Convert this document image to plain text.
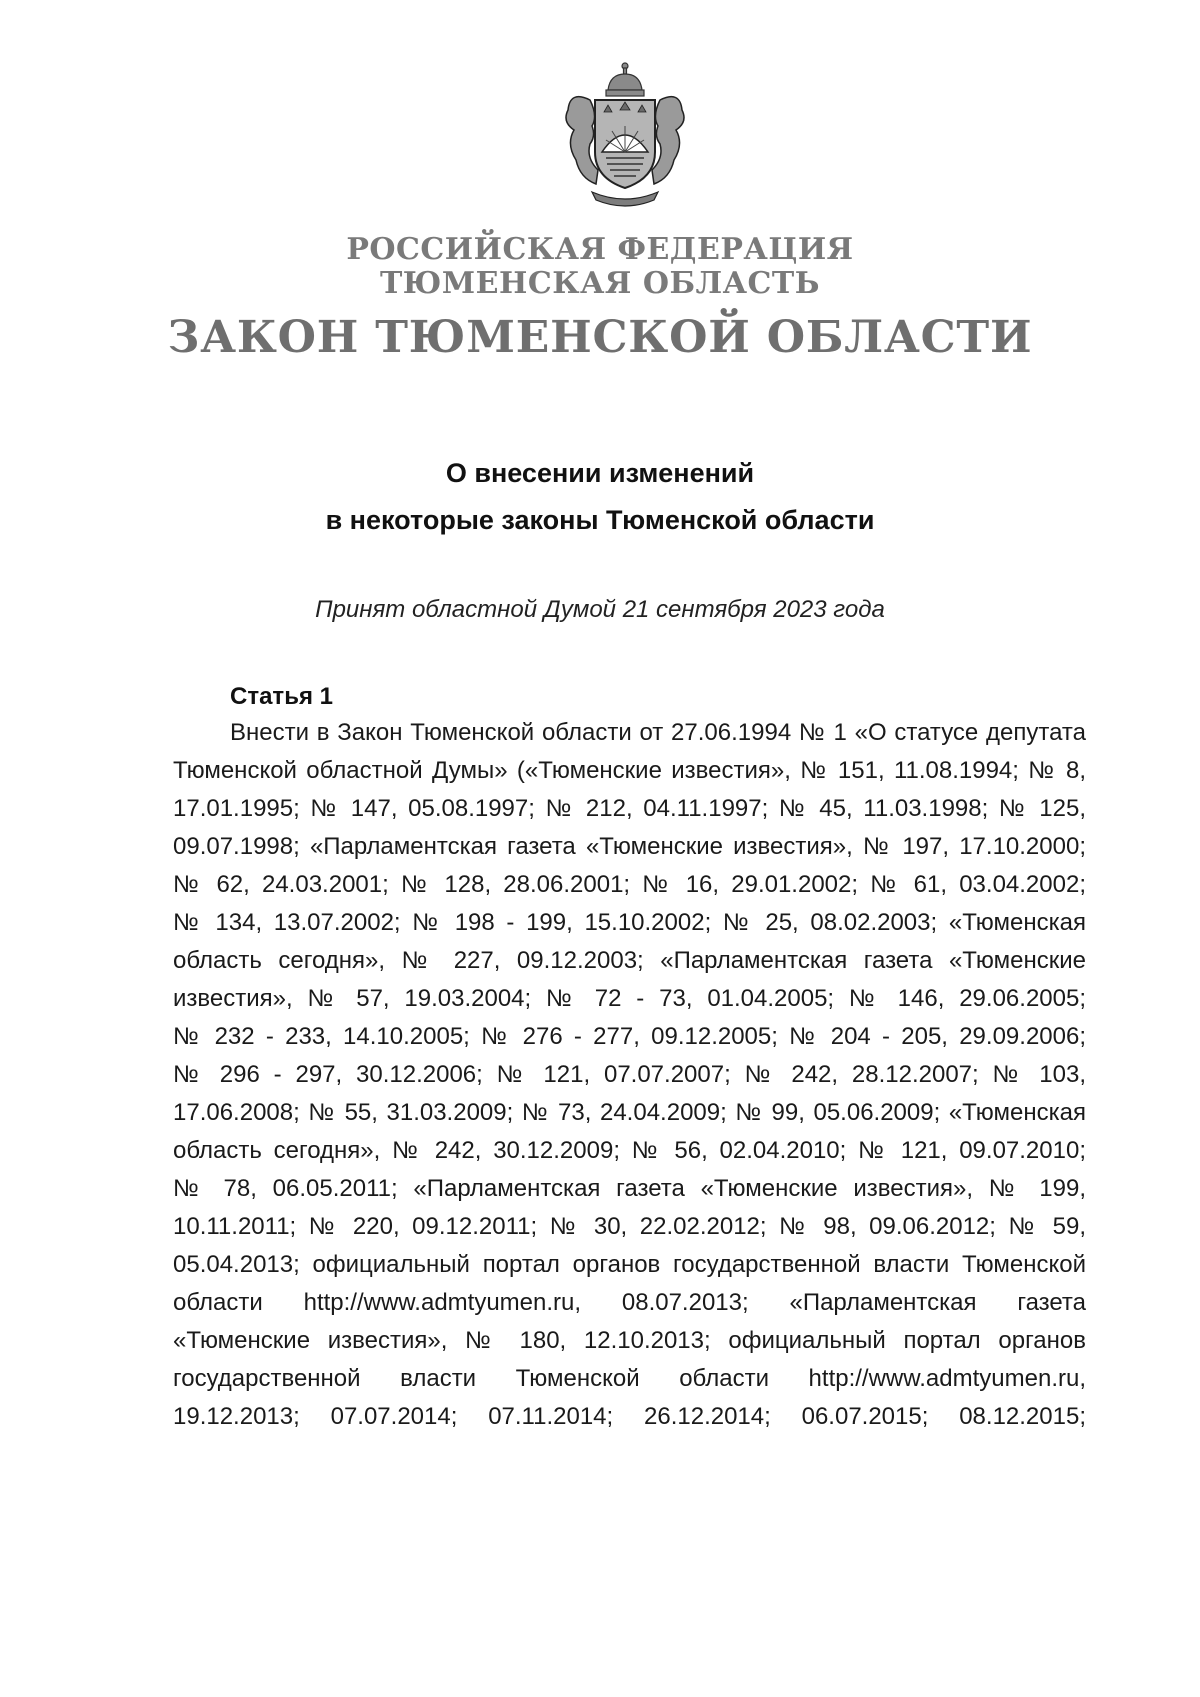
РОССИЙСКАЯ ФЕДЕРАЦИЯ
ТЮМЕНСКАЯ ОБЛАСТЬ
ЗАКОН ТЮМЕНСКОЙ ОБЛАСТИ
О внесении изменений
в некоторые законы Тюменской области
Принят областной Думой 21 сентября 2023 года
Статья 1
Внести в Закон Тюменской области от 27.06.1994 № 1 «О статусе депутата
Тюменской областной Думы» («Тюменские известия», № 151, 11.08.1994; № 8,
17.01.1995; № 147, 05.08.1997; № 212, 04.11.1997; № 45, 11.03.1998; № 125,
09.07.1998; «Парламентская газета «Тюменские известия», № 197, 17.10.2000;
№ 62, 24.03.2001; № 128, 28.06.2001; № 16, 29.01.2002; № 61, 03.04.2002;
№ 134, 13.07.2002; № 198 - 199, 15.10.2002; № 25, 08.02.2003; «Тюменская
область сегодня», № 227, 09.12.2003; «Парламентская газета «Тюменские
известия», № 57, 19.03.2004; № 72 - 73, 01.04.2005; № 146, 29.06.2005;
№ 232 - 233, 14.10.2005; № 276 - 277, 09.12.2005; № 204 - 205, 29.09.2006;
№ 296 - 297, 30.12.2006; № 121, 07.07.2007; № 242, 28.12.2007; № 103,
17.06.2008; № 55, 31.03.2009; № 73, 24.04.2009; № 99, 05.06.2009; «Тюменская
область сегодня», № 242, 30.12.2009; № 56, 02.04.2010; № 121, 09.07.2010;
№ 78, 06.05.2011; «Парламентская газета «Тюменские известия», № 199,
10.11.2011; № 220, 09.12.2011; № 30, 22.02.2012; № 98, 09.06.2012; № 59,
05.04.2013; официальный портал органов государственной власти Тюменской
области http://www.admtyumen.ru, 08.07.2013; «Парламентская газета
«Тюменские известия», № 180, 12.10.2013; официальный портал органов
государственной власти Тюменской области http://www.admtyumen.ru,
19.12.2013; 07.07.2014; 07.11.2014; 26.12.2014; 06.07.2015; 08.12.2015;
